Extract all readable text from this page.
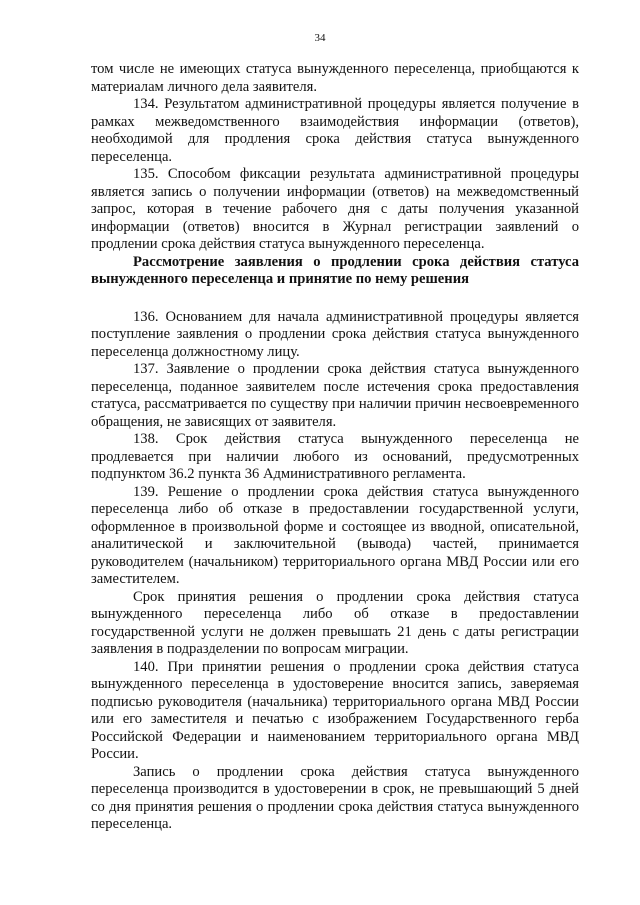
34

том числе не имеющих статуса вынужденного переселенца, приобщаются к материалам личного дела заявителя.

134. Результатом административной процедуры является получение в рамках межведомственного взаимодействия информации (ответов), необходимой для продления срока действия статуса вынужденного переселенца.

135. Способом фиксации результата административной процедуры является запись о получении информации (ответов) на межведомственный запрос, которая в течение рабочего дня с даты получения указанной информации (ответов) вносится в Журнал регистрации заявлений о продлении срока действия статуса вынужденного переселенца.

Рассмотрение заявления о продлении срока действия статуса вынужденного переселенца и принятие по нему решения

136. Основанием для начала административной процедуры является поступление заявления о продлении срока действия статуса вынужденного переселенца должностному лицу.

137. Заявление о продлении срока действия статуса вынужденного переселенца, поданное заявителем после истечения срока предоставления статуса, рассматривается по существу при наличии причин несвоевременного обращения, не зависящих от заявителя.

138. Срок действия статуса вынужденного переселенца не продлевается при наличии любого из оснований, предусмотренных подпунктом 36.2 пункта 36 Административного регламента.

139. Решение о продлении срока действия статуса вынужденного переселенца либо об отказе в предоставлении государственной услуги, оформленное в произвольной форме и состоящее из вводной, описательной, аналитической и заключительной (вывода) частей, принимается руководителем (начальником) территориального органа МВД России или его заместителем.

Срок принятия решения о продлении срока действия статуса вынужденного переселенца либо об отказе в предоставлении государственной услуги не должен превышать 21 день с даты регистрации заявления в подразделении по вопросам миграции.

140. При принятии решения о продлении срока действия статуса вынужденного переселенца в удостоверение вносится запись, заверяемая подписью руководителя (начальника) территориального органа МВД России или его заместителя и печатью с изображением Государственного герба Российской Федерации и наименованием территориального органа МВД России.

Запись о продлении срока действия статуса вынужденного переселенца производится в удостоверении в срок, не превышающий 5 дней со дня принятия решения о продлении срока действия статуса вынужденного переселенца.
